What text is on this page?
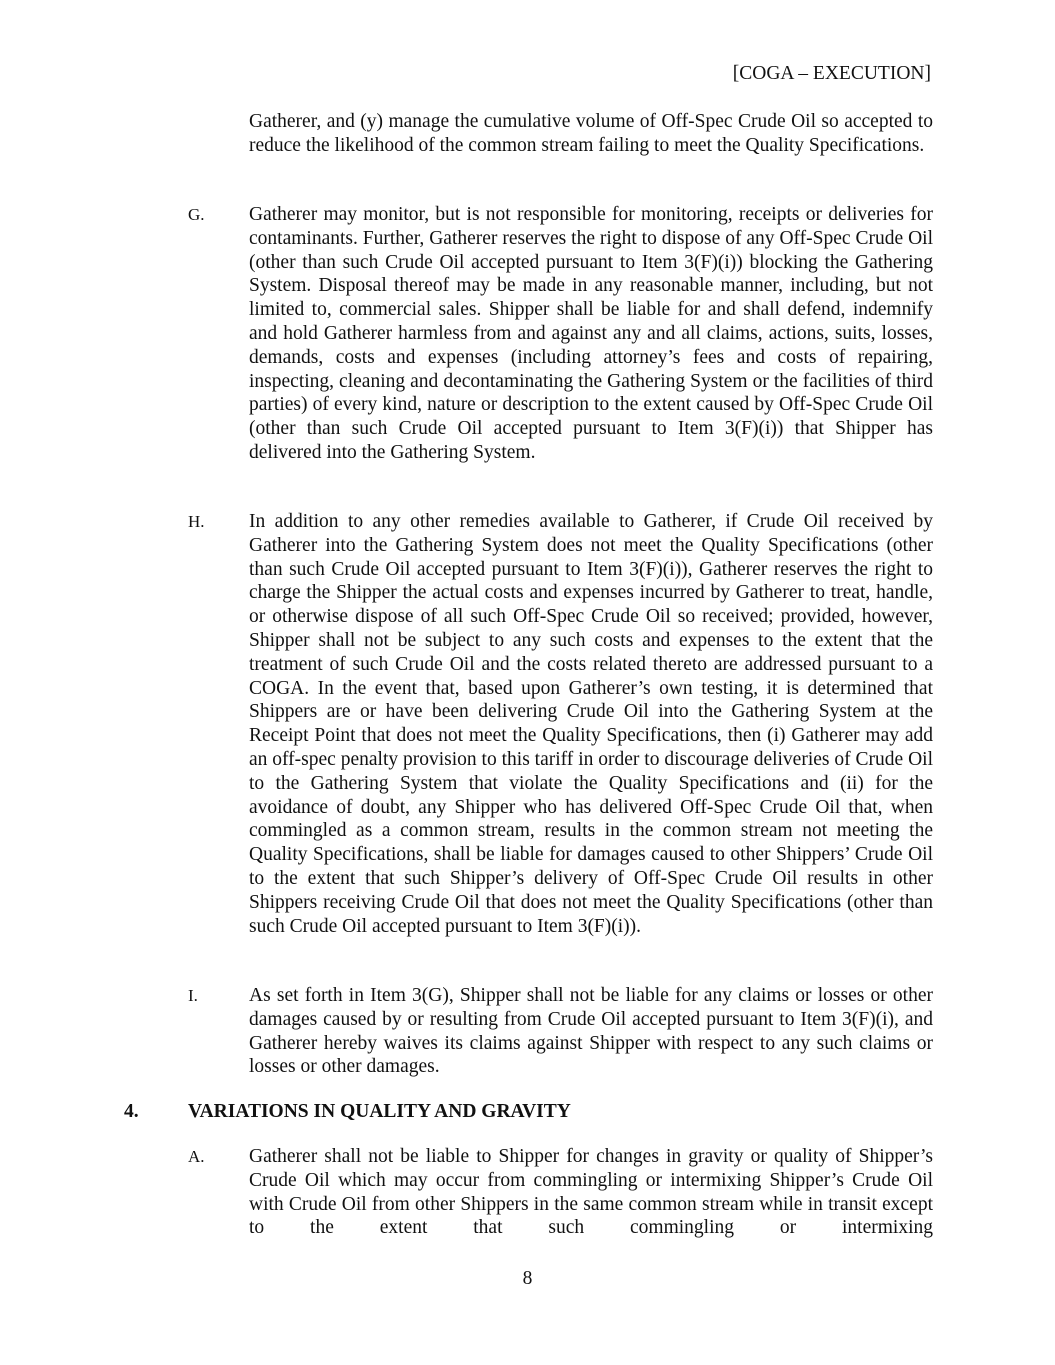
[COGA – EXECUTION]

Gatherer, and (y) manage the cumulative volume of Off-Spec Crude Oil so accepted to reduce the likelihood of the common stream failing to meet the Quality Specifications.

G. Gatherer may monitor, but is not responsible for monitoring, receipts or deliveries for contaminants. Further, Gatherer reserves the right to dispose of any Off-Spec Crude Oil (other than such Crude Oil accepted pursuant to Item 3(F)(i)) blocking the Gathering System. Disposal thereof may be made in any reasonable manner, including, but not limited to, commercial sales. Shipper shall be liable for and shall defend, indemnify and hold Gatherer harmless from and against any and all claims, actions, suits, losses, demands, costs and expenses (including attorney’s fees and costs of repairing, inspecting, cleaning and decontaminating the Gathering System or the facilities of third parties) of every kind, nature or description to the extent caused by Off-Spec Crude Oil (other than such Crude Oil accepted pursuant to Item 3(F)(i)) that Shipper has delivered into the Gathering System.

H. In addition to any other remedies available to Gatherer, if Crude Oil received by Gatherer into the Gathering System does not meet the Quality Specifications (other than such Crude Oil accepted pursuant to Item 3(F)(i)), Gatherer reserves the right to charge the Shipper the actual costs and expenses incurred by Gatherer to treat, handle, or otherwise dispose of all such Off-Spec Crude Oil so received; provided, however, Shipper shall not be subject to any such costs and expenses to the extent that the treatment of such Crude Oil and the costs related thereto are addressed pursuant to a COGA. In the event that, based upon Gatherer’s own testing, it is determined that Shippers are or have been delivering Crude Oil into the Gathering System at the Receipt Point that does not meet the Quality Specifications, then (i) Gatherer may add an off-spec penalty provision to this tariff in order to discourage deliveries of Crude Oil to the Gathering System that violate the Quality Specifications and (ii) for the avoidance of doubt, any Shipper who has delivered Off-Spec Crude Oil that, when commingled as a common stream, results in the common stream not meeting the Quality Specifications, shall be liable for damages caused to other Shippers’ Crude Oil to the extent that such Shipper’s delivery of Off-Spec Crude Oil results in other Shippers receiving Crude Oil that does not meet the Quality Specifications (other than such Crude Oil accepted pursuant to Item 3(F)(i)).

I.	As set forth in Item 3(G), Shipper shall not be liable for any claims or losses or other damages caused by or resulting from Crude Oil accepted pursuant to Item 3(F)(i), and Gatherer hereby waives its claims against Shipper with respect to any such claims or losses or other damages.

4.	VARIATIONS IN QUALITY AND GRAVITY
A. Gatherer shall not be liable to Shipper for changes in gravity or quality of Shipper’s Crude Oil which may occur from commingling or intermixing Shipper’s Crude Oil with Crude Oil from other Shippers in the same common stream while in transit except to the extent that such commingling or intermixing

8
